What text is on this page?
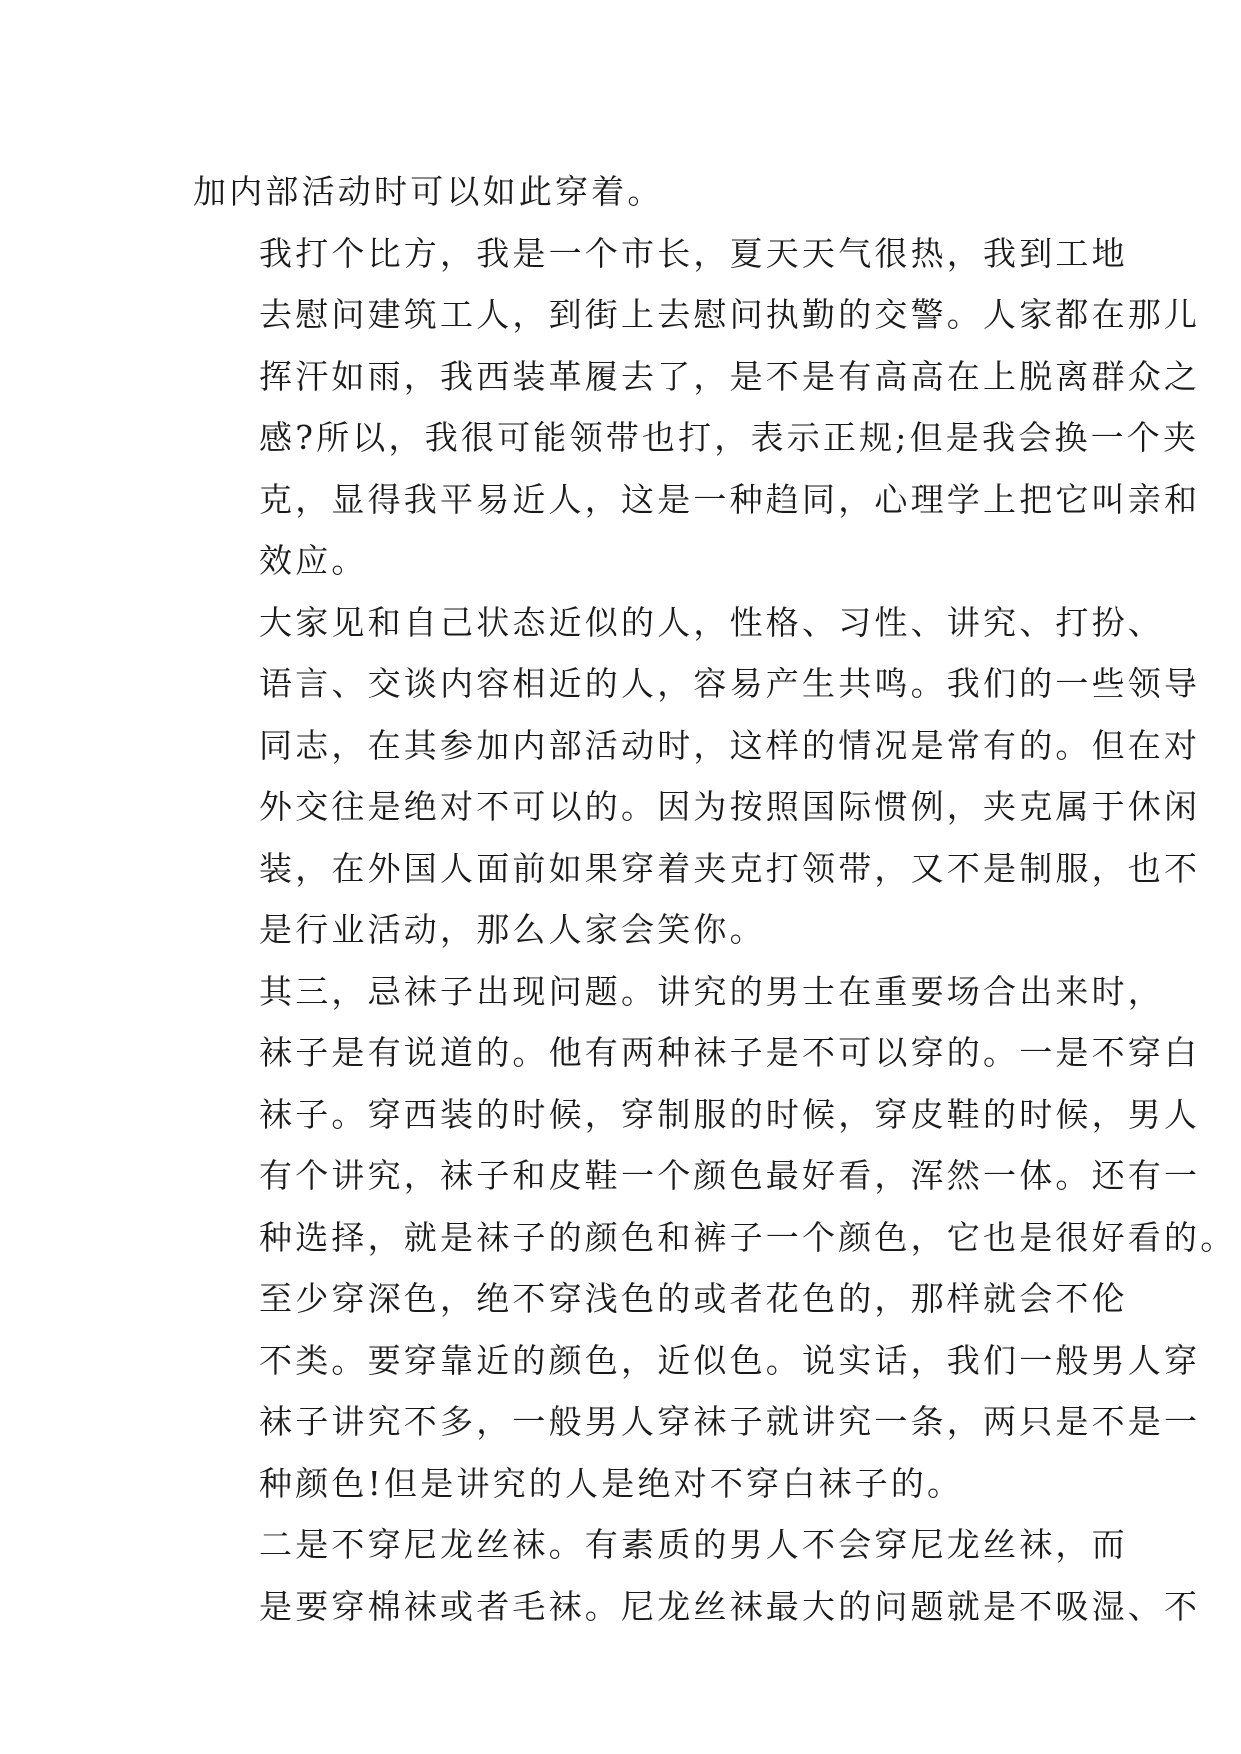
加内部活动时可以如此穿着。

我打个比方，我是一个市长，夏天天气很热，我到工地
去慰问建筑工人，到街上去慰问执勤的交警。人家都在那儿
挥汗如雨，我西装革履去了，是不是有高高在上脱离群众之
感?所以，我很可能领带也打，表示正规;但是我会换一个夹
克，显得我平易近人，这是一种趋同，心理学上把它叫亲和
效应。

大家见和自己状态近似的人，性格、习性、讲究、打扮、
语言、交谈内容相近的人，容易产生共鸣。我们的一些领导
同志，在其参加内部活动时，这样的情况是常有的。但在对
外交往是绝对不可以的。因为按照国际惯例，夹克属于休闲
装，在外国人面前如果穿着夹克打领带，又不是制服，也不
是行业活动，那么人家会笑你。

其三，忌袜子出现问题。讲究的男士在重要场合出来时，
袜子是有说道的。他有两种袜子是不可以穿的。一是不穿白
袜子。穿西装的时候，穿制服的时候，穿皮鞋的时候，男人
有个讲究，袜子和皮鞋一个颜色最好看，浑然一体。还有一
种选择，就是袜子的颜色和裤子一个颜色，它也是很好看的。

至少穿深色，绝不穿浅色的或者花色的，那样就会不伦
不类。要穿靠近的颜色，近似色。说实话，我们一般男人穿
袜子讲究不多，一般男人穿袜子就讲究一条，两只是不是一
种颜色!但是讲究的人是绝对不穿白袜子的。

二是不穿尼龙丝袜。有素质的男人不会穿尼龙丝袜，而
是要穿棉袜或者毛袜。尼龙丝袜最大的问题就是不吸湿、不
